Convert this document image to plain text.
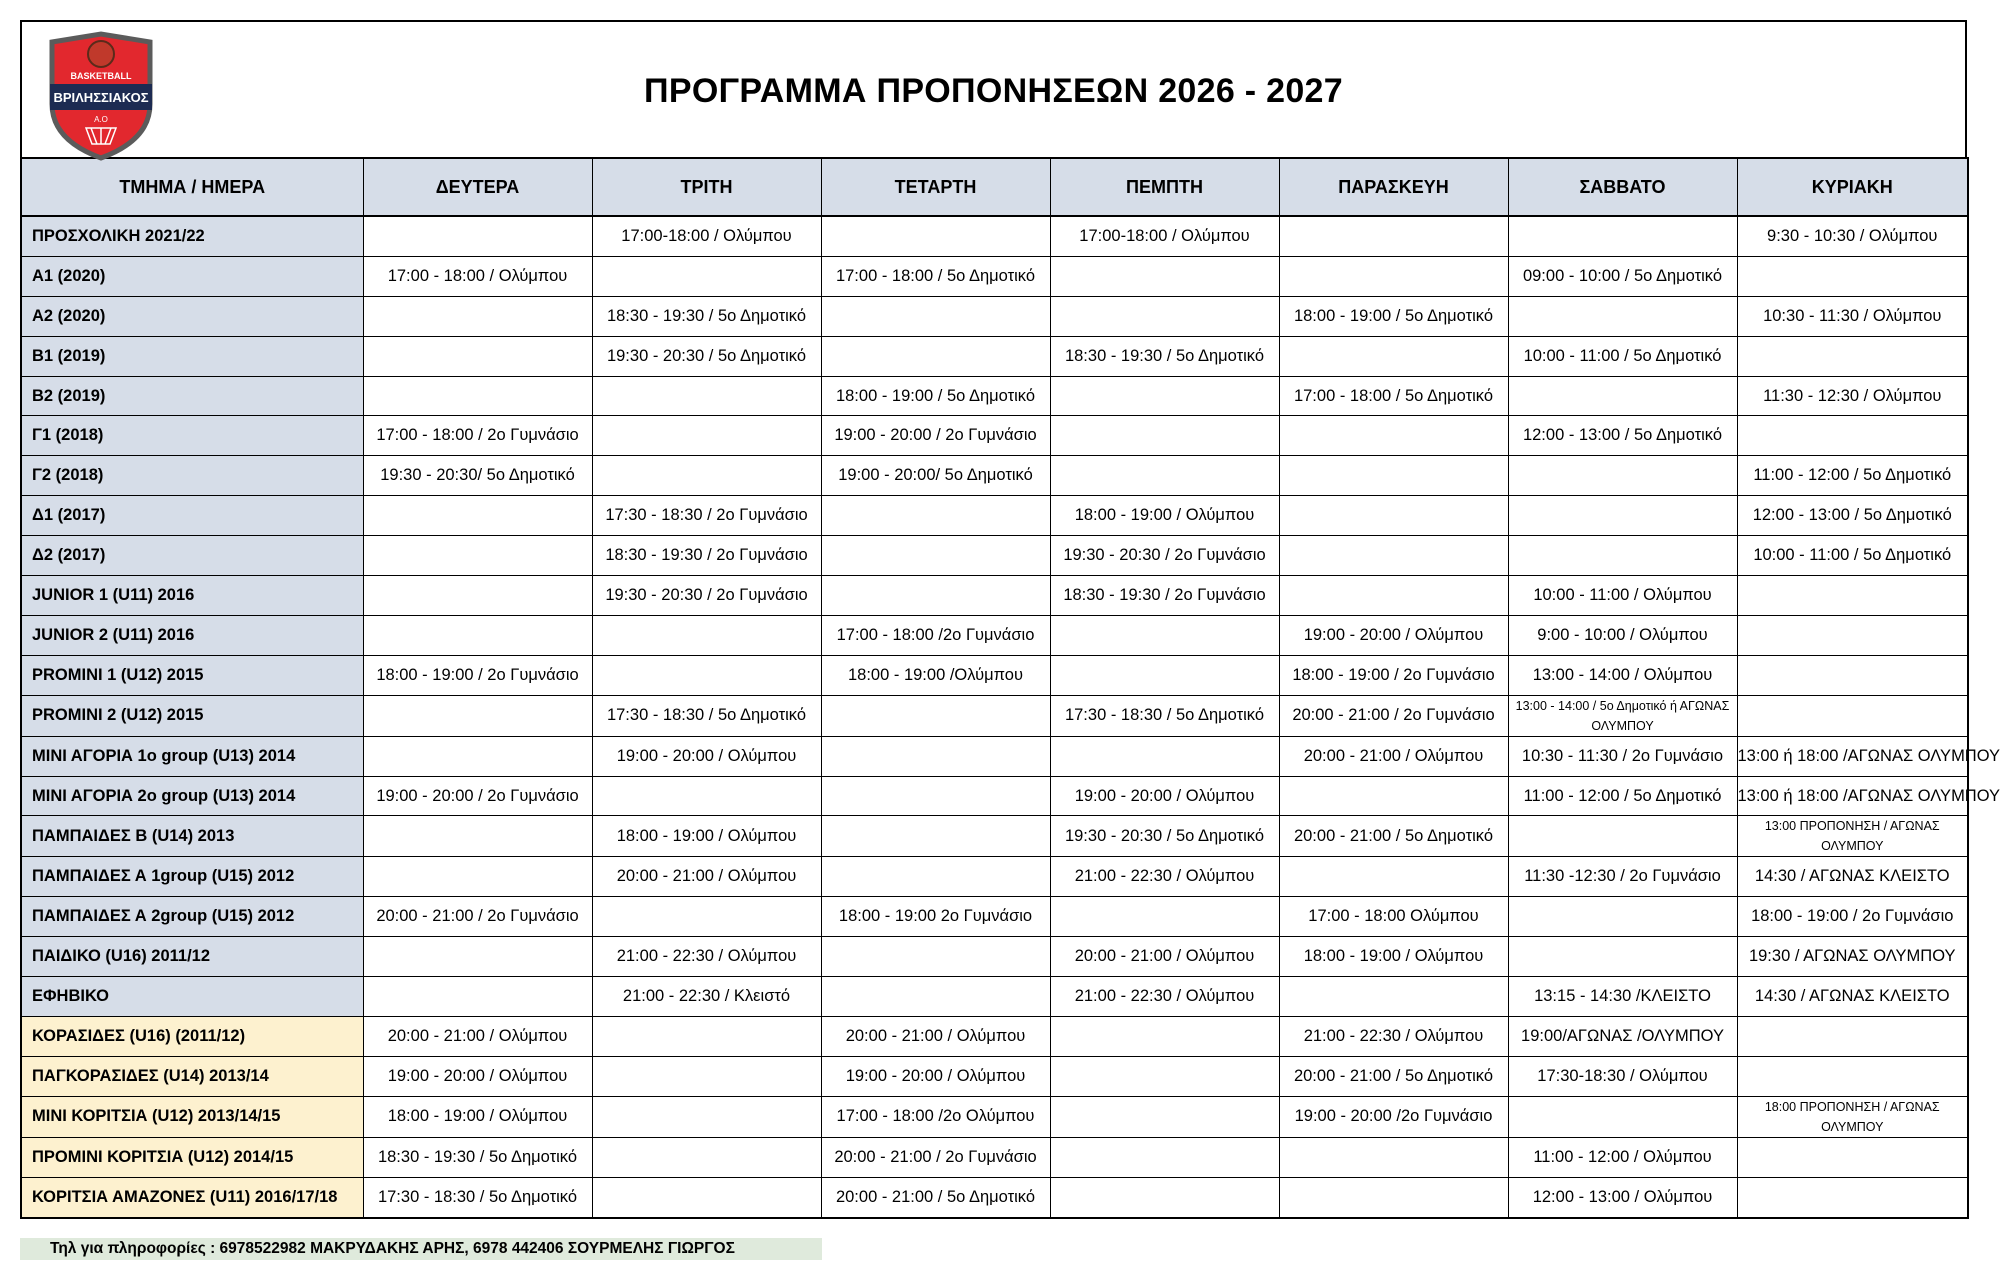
BASKETBALL
ΒΡΙΛΗΣΣΙΑΚΟΣ
Α.Ο
ΠΡΟΓΡΑΜΜΑ ΠΡΟΠΟΝΗΣΕΩΝ 2026 - 2027
ΤΜΗΜΑ / ΗΜΕΡΑ	ΔΕΥΤΕΡΑ	ΤΡΙΤΗ	ΤΕΤΑΡΤΗ	ΠΕΜΠΤΗ	ΠΑΡΑΣΚΕΥΗ	ΣΑΒΒΑΤΟ	ΚΥΡΙΑΚΗ
ΠΡΟΣΧΟΛΙΚΗ 2021/22		17:00-18:00 / Ολύμπου		17:00-18:00 / Ολύμπου			9:30 - 10:30 / Ολύμπου
Α1 (2020)	17:00 - 18:00 / Ολύμπου		17:00 - 18:00 / 5ο Δημοτικό			09:00 - 10:00 / 5ο Δημοτικό	
Α2 (2020)		18:30 - 19:30 / 5ο Δημοτικό			18:00 - 19:00 / 5ο Δημοτικό		10:30 - 11:30 / Ολύμπου
Β1 (2019)		19:30 - 20:30 / 5ο Δημοτικό		18:30 - 19:30 / 5ο Δημοτικό		10:00 - 11:00 / 5ο Δημοτικό	
Β2 (2019)			18:00 - 19:00 / 5ο Δημοτικό		17:00 - 18:00 / 5ο Δημοτικό		11:30 - 12:30 / Ολύμπου
Γ1 (2018)	17:00 - 18:00 / 2ο Γυμνάσιο		19:00 - 20:00 / 2ο Γυμνάσιο			12:00 - 13:00 / 5ο Δημοτικό	
Γ2 (2018)	19:30 - 20:30/ 5ο Δημοτικό		19:00 - 20:00/ 5ο Δημοτικό				11:00 - 12:00 / 5ο Δημοτικό
Δ1 (2017)		17:30 - 18:30 / 2ο Γυμνάσιο		18:00 - 19:00 / Ολύμπου			12:00 - 13:00 / 5ο Δημοτικό
Δ2 (2017)		18:30 - 19:30 / 2ο Γυμνάσιο		19:30 - 20:30 / 2ο Γυμνάσιο			10:00 - 11:00 / 5ο Δημοτικό
JUNIOR 1 (U11) 2016		19:30 - 20:30 / 2ο Γυμνάσιο		18:30 - 19:30 / 2ο Γυμνάσιο		10:00 - 11:00 / Ολύμπου	
JUNIOR 2 (U11) 2016			17:00 - 18:00 /2ο Γυμνάσιο		19:00 - 20:00 / Ολύμπου	9:00 - 10:00 / Ολύμπου	
PROMINI 1 (U12) 2015	18:00 - 19:00 / 2ο Γυμνάσιο		18:00 - 19:00 /Ολύμπου		18:00 - 19:00 / 2ο Γυμνάσιο	13:00 - 14:00 / Ολύμπου	
PROMINI 2 (U12) 2015		17:30 - 18:30 / 5ο Δημοτικό		17:30 - 18:30 / 5ο Δημοτικό	20:00 - 21:00 / 2ο Γυμνάσιο	13:00 - 14:00 / 5ο Δημοτικό ή ΑΓΩΝΑΣ ΟΛΥΜΠΟΥ	
ΜΙΝΙ ΑΓΟΡΙΑ 1ο group (U13) 2014		19:00 - 20:00 / Ολύμπου			20:00 - 21:00 / Ολύμπου	10:30 - 11:30 / 2ο Γυμνάσιο	13:00 ή 18:00 /ΑΓΩΝΑΣ ΟΛΥΜΠΟΥ
ΜΙΝΙ ΑΓΟΡΙΑ 2ο group (U13) 2014	19:00 - 20:00 / 2ο Γυμνάσιο			19:00 - 20:00 / Ολύμπου		11:00 - 12:00 / 5ο Δημοτικό	13:00 ή 18:00 /ΑΓΩΝΑΣ ΟΛΥΜΠΟΥ
ΠΑΜΠΑΙΔΕΣ Β (U14) 2013		18:00 - 19:00 / Ολύμπου		19:30 - 20:30 / 5ο Δημοτικό	20:00 - 21:00 / 5ο Δημοτικό		13:00 ΠΡΟΠΟΝΗΣΗ / ΑΓΩΝΑΣ ΟΛΥΜΠΟΥ
ΠΑΜΠΑΙΔΕΣ Α 1group (U15) 2012		20:00 - 21:00 / Ολύμπου		21:00 - 22:30 / Ολύμπου		11:30 -12:30 / 2ο Γυμνάσιο	14:30 / ΑΓΩΝΑΣ ΚΛΕΙΣΤΟ
ΠΑΜΠΑΙΔΕΣ Α 2group (U15) 2012	20:00 - 21:00 / 2ο Γυμνάσιο		18:00 - 19:00 2ο Γυμνάσιο		17:00 - 18:00 Ολύμπου		18:00 - 19:00 / 2ο Γυμνάσιο
ΠΑΙΔΙΚΟ (U16) 2011/12		21:00 - 22:30 / Ολύμπου		20:00 - 21:00 / Ολύμπου	18:00 - 19:00 / Ολύμπου		19:30 / ΑΓΩΝΑΣ ΟΛΥΜΠΟΥ
ΕΦΗΒΙΚΟ		21:00 - 22:30 / Κλειστό		21:00 - 22:30 / Ολύμπου		13:15 - 14:30 /ΚΛΕΙΣΤΟ	14:30 / ΑΓΩΝΑΣ ΚΛΕΙΣΤΟ
ΚΟΡΑΣΙΔΕΣ (U16) (2011/12)	20:00 - 21:00 / Ολύμπου		20:00 - 21:00 / Ολύμπου		21:00 - 22:30 / Ολύμπου	19:00/ΑΓΩΝΑΣ /ΟΛΥΜΠΟΥ	
ΠΑΓΚΟΡΑΣΙΔΕΣ (U14) 2013/14	19:00 - 20:00 / Ολύμπου		19:00 - 20:00 / Ολύμπου		20:00 - 21:00 / 5ο Δημοτικό	17:30-18:30 / Ολύμπου	
ΜΙΝΙ ΚΟΡΙΤΣΙΑ (U12) 2013/14/15	18:00 - 19:00 / Ολύμπου		17:00 - 18:00 /2ο Ολύμπου		19:00 - 20:00 /2ο Γυμνάσιο		18:00 ΠΡΟΠΟΝΗΣΗ / ΑΓΩΝΑΣ ΟΛΥΜΠΟΥ
ΠΡΟΜΙΝΙ ΚΟΡΙΤΣΙΑ (U12) 2014/15	18:30 - 19:30 / 5ο Δημοτικό		20:00 - 21:00 / 2ο Γυμνάσιο			11:00 - 12:00 / Ολύμπου	
ΚΟΡΙΤΣΙΑ ΑΜΑΖΟΝΕΣ (U11) 2016/17/18	17:30 - 18:30 / 5ο Δημοτικό		20:00 - 21:00 / 5ο Δημοτικό			12:00 - 13:00 / Ολύμπου	
Τηλ για πληροφορίες : 6978522982 ΜΑΚΡΥΔΑΚΗΣ ΑΡΗΣ, 6978 442406 ΣΟΥΡΜΕΛΗΣ ΓΙΩΡΓΟΣ
